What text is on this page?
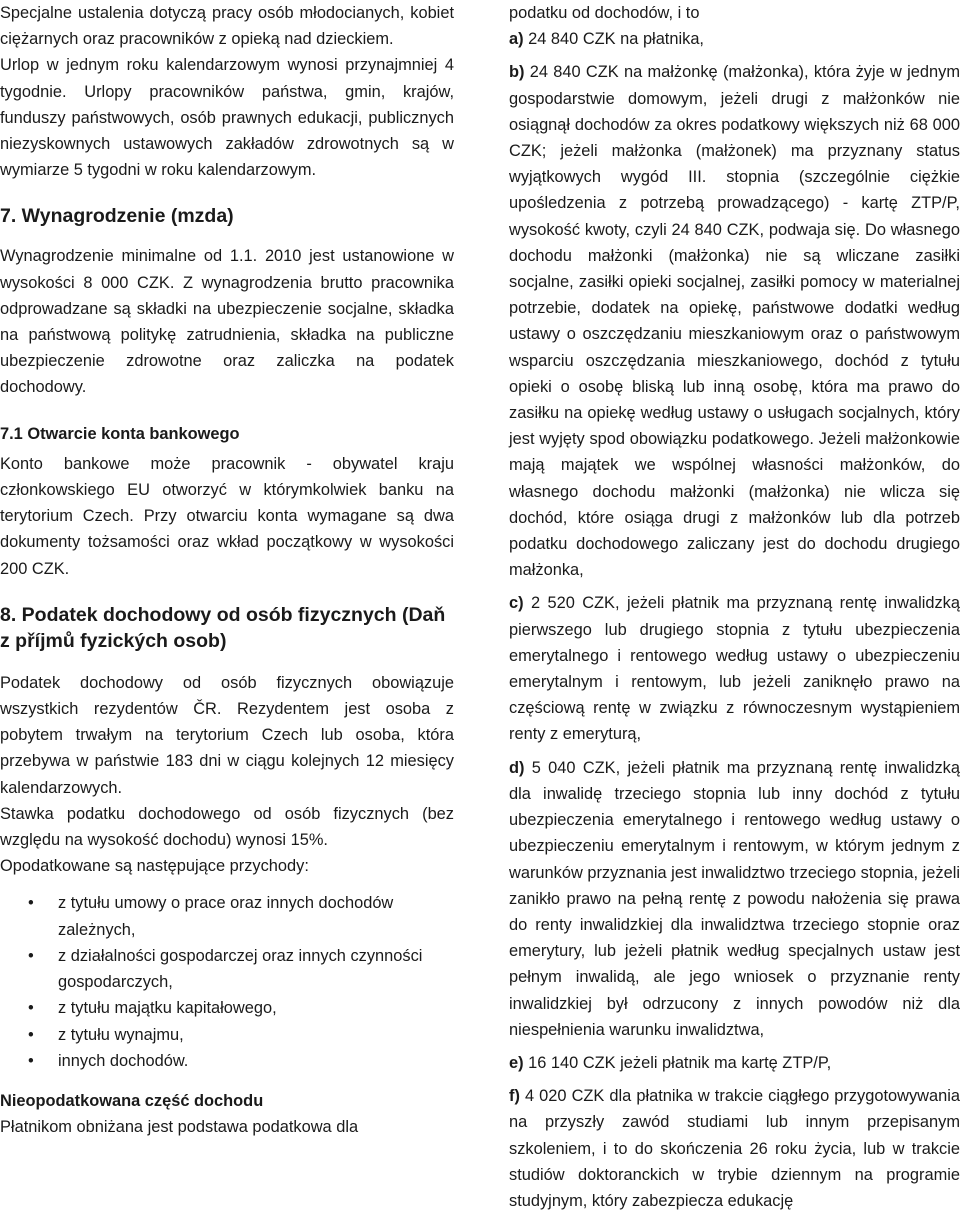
Specjalne ustalenia dotyczą pracy osób młodocianych, kobiet ciężarnych oraz pracowników z opieką nad dzieckiem.

Urlop w jednym roku kalendarzowym wynosi przynajmniej 4 tygodnie. Urlopy pracowników państwa, gmin, krajów, funduszy państwowych, osób prawnych edukacji, publicznych niezyskownych ustawowych zakładów zdrowotnych są w wymiarze 5 tygodni w roku kalendarzowym.

7. Wynagrodzenie (mzda)

Wynagrodzenie minimalne od 1.1. 2010 jest ustanowione w wysokości 8 000 CZK. Z wynagrodzenia brutto pracownika odprowadzane są składki na ubezpieczenie socjalne, składka na państwową politykę zatrudnienia, składka na publiczne ubezpieczenie zdrowotne oraz zaliczka na podatek dochodowy.

7.1 Otwarcie konta bankowego

Konto bankowe może pracownik - obywatel kraju członkowskiego EU otworzyć w którymkolwiek banku na terytorium Czech. Przy otwarciu konta wymagane są dwa dokumenty tożsamości oraz wkład początkowy w wysokości 200 CZK.

8. Podatek dochodowy od osób fizycznych (Daň z příjmů fyzických osob)

Podatek dochodowy od osób fizycznych obowiązuje wszystkich rezydentów ČR. Rezydentem jest osoba z pobytem trwałym na terytorium Czech lub osoba, która przebywa w państwie 183 dni w ciągu kolejnych 12 miesięcy kalendarzowych.

Stawka podatku dochodowego od osób fizycznych (bez względu na wysokość dochodu) wynosi 15%.

Opodatkowane są następujące przychody:

• z tytułu umowy o prace oraz innych dochodów zależnych,
• z działalności gospodarczej oraz innych czynności gospodarczych,
• z tytułu majątku kapitałowego,
• z tytułu wynajmu,
• innych dochodów.
Nieopodatkowana część dochodu

Płatnikom obniżana jest podstawa podatkowa dla

podatku od dochodów, i to

a) 24 840 CZK na płatnika,

b) 24 840 CZK na małżonkę (małżonka), która żyje w jednym gospodarstwie domowym, jeżeli drugi z małżonków nie osiągnął dochodów za okres podatkowy większych niż 68 000 CZK; jeżeli małżonka (małżonek) ma przyznany status wyjątkowych wygód III. stopnia (szczególnie ciężkie upośledzenia z potrzebą prowadzącego) - kartę ZTP/P, wysokość kwoty, czyli 24 840 CZK, podwaja się. Do własnego dochodu małżonki (małżonka) nie są wliczane zasiłki socjalne, zasiłki opieki socjalnej, zasiłki pomocy w materialnej potrzebie, dodatek na opiekę, państwowe dodatki według ustawy o oszczędzaniu mieszkaniowym oraz o państwowym wsparciu oszczędzania mieszkaniowego, dochód z tytułu opieki o osobę bliską lub inną osobę, która ma prawo do zasiłku na opiekę według ustawy o usługach socjalnych, który jest wyjęty spod obowiązku podatkowego. Jeżeli małżonkowie mają majątek we wspólnej własności małżonków, do własnego dochodu małżonki (małżonka) nie wlicza się dochód, które osiąga drugi z małżonków lub dla potrzeb podatku dochodowego zaliczany jest do dochodu drugiego małżonka,

c) 2 520 CZK, jeżeli płatnik ma przyznaną rentę inwalidzką pierwszego lub drugiego stopnia z tytułu ubezpieczenia emerytalnego i rentowego według ustawy o ubezpieczeniu emerytalnym i rentowym, lub jeżeli zaniknęło prawo na częściową rentę w związku z równoczesnym wystąpieniem renty z emerytur​ą,

d) 5 040 CZK, jeżeli płatnik ma przyznaną rentę inwalidzką dla inwalidę trzeciego stopnia lub inny dochód z tytułu ubezpieczenia emerytalnego i rentowego według ustawy o ubezpieczeniu emerytalnym i rentowym, w którym jednym z warunków przyznania jest inwalidztwo trzeciego stopnia, jeżeli zanikło prawo na pełną rentę z powodu nałożenia się prawa do renty inwalidzkiej dla inwalidztwa trzeciego stopnie oraz emerytury, lub jeżeli płatnik według specjalnych ustaw jest pełnym inwalidą, ale jego wniosek o przyznanie renty inwalidzkiej był odrzucony z innych powodów niż dla niespełnienia warunku inwalidztwa,

e) 16 140 CZK jeżeli płatnik ma kartę ZTP/P,

f) 4 020 CZK dla płatnika w trakcie ciągłego przygotowywania na przyszły zawód studiami lub innym przepisanym szkoleniem, i to do skończenia 26 roku życia, lub w trakcie studiów doktoranckich w trybie dziennym na programie studyjnym, który zabezpiecza edukację
